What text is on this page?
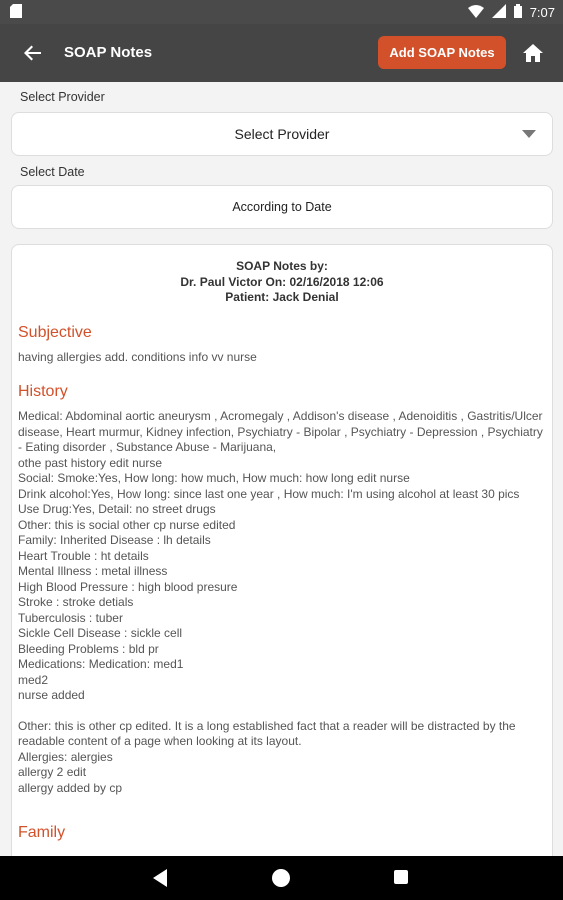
7:07
SOAP Notes	Add SOAP Notes
Select Provider
Select Provider
Select Date
According to Date
SOAP Notes by:
Dr. Paul Victor On: 02/16/2018 12:06
Patient: Jack Denial
Subjective
having allergies add. conditions info vv nurse
History
Medical: Abdominal aortic aneurysm , Acromegaly , Addison's disease , Adenoiditis , Gastritis/Ulcer disease, Heart murmur, Kidney infection, Psychiatry - Bipolar , Psychiatry - Depression , Psychiatry - Eating disorder , Substance Abuse - Marijuana,
othe past history edit nurse
Social: Smoke:Yes, How long: how much, How much: how long edit nurse
Drink alcohol:Yes, How long: since last one year , How much: I'm using alcohol at least 30 pics
Use Drug:Yes, Detail: no street drugs
Other: this is social other cp nurse edited
Family: Inherited Disease : lh details
Heart Trouble : ht details
Mental Illness : metal illness
High Blood Pressure : high blood presure
Stroke : stroke detials
Tuberculosis : tuber
Sickle Cell Disease : sickle cell
Bleeding Problems : bld pr
Medications: Medication: med1
med2
nurse added
Other: this is other cp edited. It is a long established fact that a reader will be distracted by the readable content of a page when looking at its layout.
Allergies: alergies
allergy 2 edit
allergy added by cp
Family
